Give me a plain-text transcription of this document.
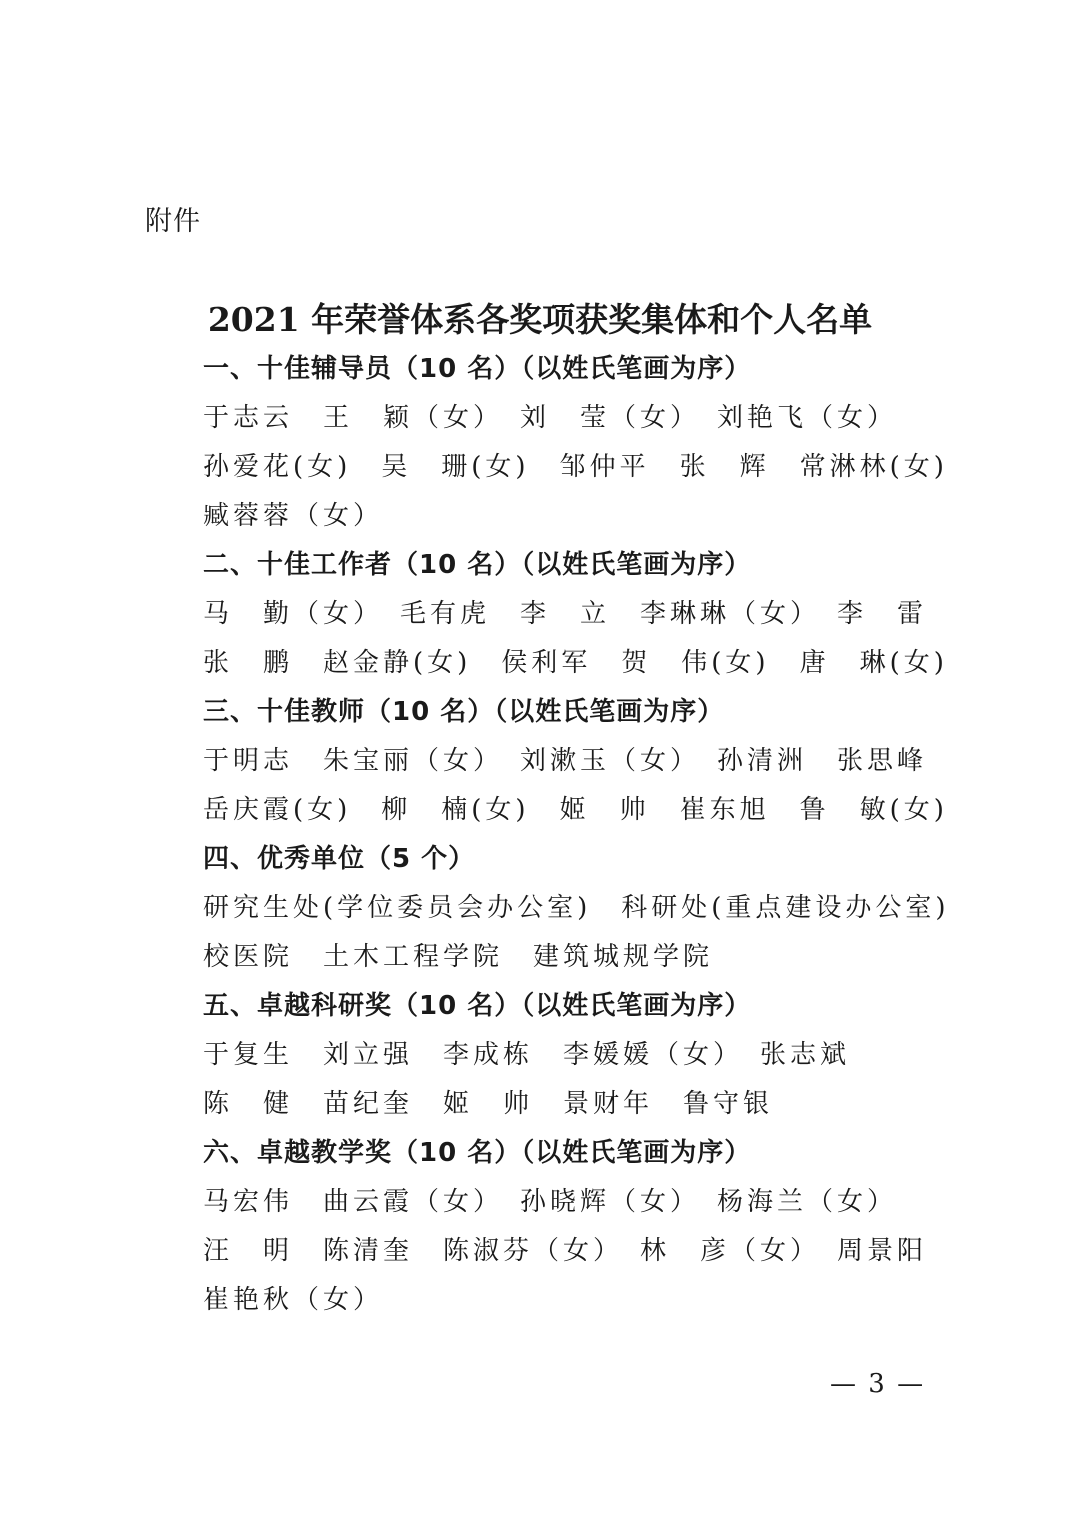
附件
2021 年荣誉体系各奖项获奖集体和个人名单
一、十佳辅导员（10 名）（以姓氏笔画为序）
于志云　王　颖（女）　刘　莹（女）　刘艳飞（女）
孙爱花(女)　吴　珊(女)　邹仲平　张　辉　常淋林(女)
臧蓉蓉（女）
二、十佳工作者（10 名）（以姓氏笔画为序）
马　勤（女）　毛有虎　李　立　李琳琳（女）　李　雷
张　鹏　赵金静(女)　侯利军　贺　伟(女)　唐　琳(女)
三、十佳教师（10 名）（以姓氏笔画为序）
于明志　朱宝丽（女）　刘漱玉（女）　孙清洲　张思峰
岳庆霞(女)　柳　楠(女)　姬　帅　崔东旭　鲁　敏(女)
四、优秀单位（5 个）
研究生处(学位委员会办公室)　科研处(重点建设办公室)
校医院　土木工程学院　建筑城规学院
五、卓越科研奖（10 名）（以姓氏笔画为序）
于复生　刘立强　李成栋　李媛媛（女）　张志斌
陈　健　苗纪奎　姬　帅　景财年　鲁守银
六、卓越教学奖（10 名）（以姓氏笔画为序）
马宏伟　曲云霞（女）　孙晓辉（女）　杨海兰（女）
汪　明　陈清奎　陈淑芬（女）　林　彦（女）　周景阳
崔艳秋（女）
— 3 —
